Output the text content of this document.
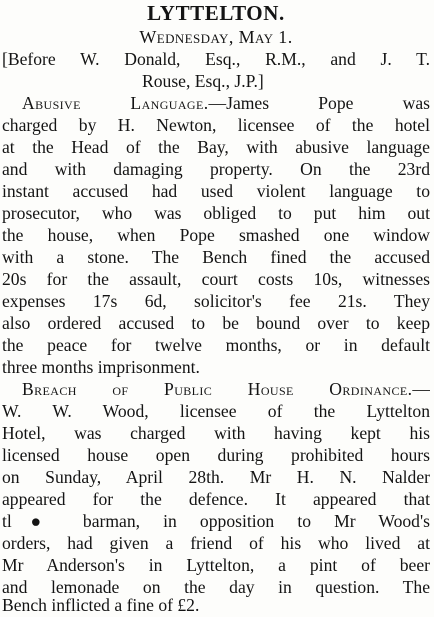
LYTTELTON.
Wednesday, May 1.
[Before W. Donald, Esq., R.M., and J. T.
Rouse, Esq., J.P.]
Abusive Language.—James Pope was
charged by H. Newton, licensee of the hotel
at the Head of the Bay, with abusive language
and with damaging property. On the 23rd
instant accused had used violent language to
prosecutor, who was obliged to put him out
the house, when Pope smashed one window
with a stone. The Bench fined the accused
20s for the assault, court costs 10s, witnesses
expenses 17s 6d, solicitor's fee 21s. They
also ordered accused to be bound over to keep
the peace for twelve months, or in default
three months imprisonment.
Breach of Public House Ordinance.—
W. W. Wood, licensee of the Lyttelton
Hotel, was charged with having kept his
licensed house open during prohibited hours
on Sunday, April 28th. Mr H. N. Nalder
appeared for the defence. It appeared that
tl● barman, in opposition to Mr Wood's
orders, had given a friend of his who lived at
Mr Anderson's in Lyttelton, a pint of beer
and lemonade on the day in question. The
Bench inflicted a fine of £2.
